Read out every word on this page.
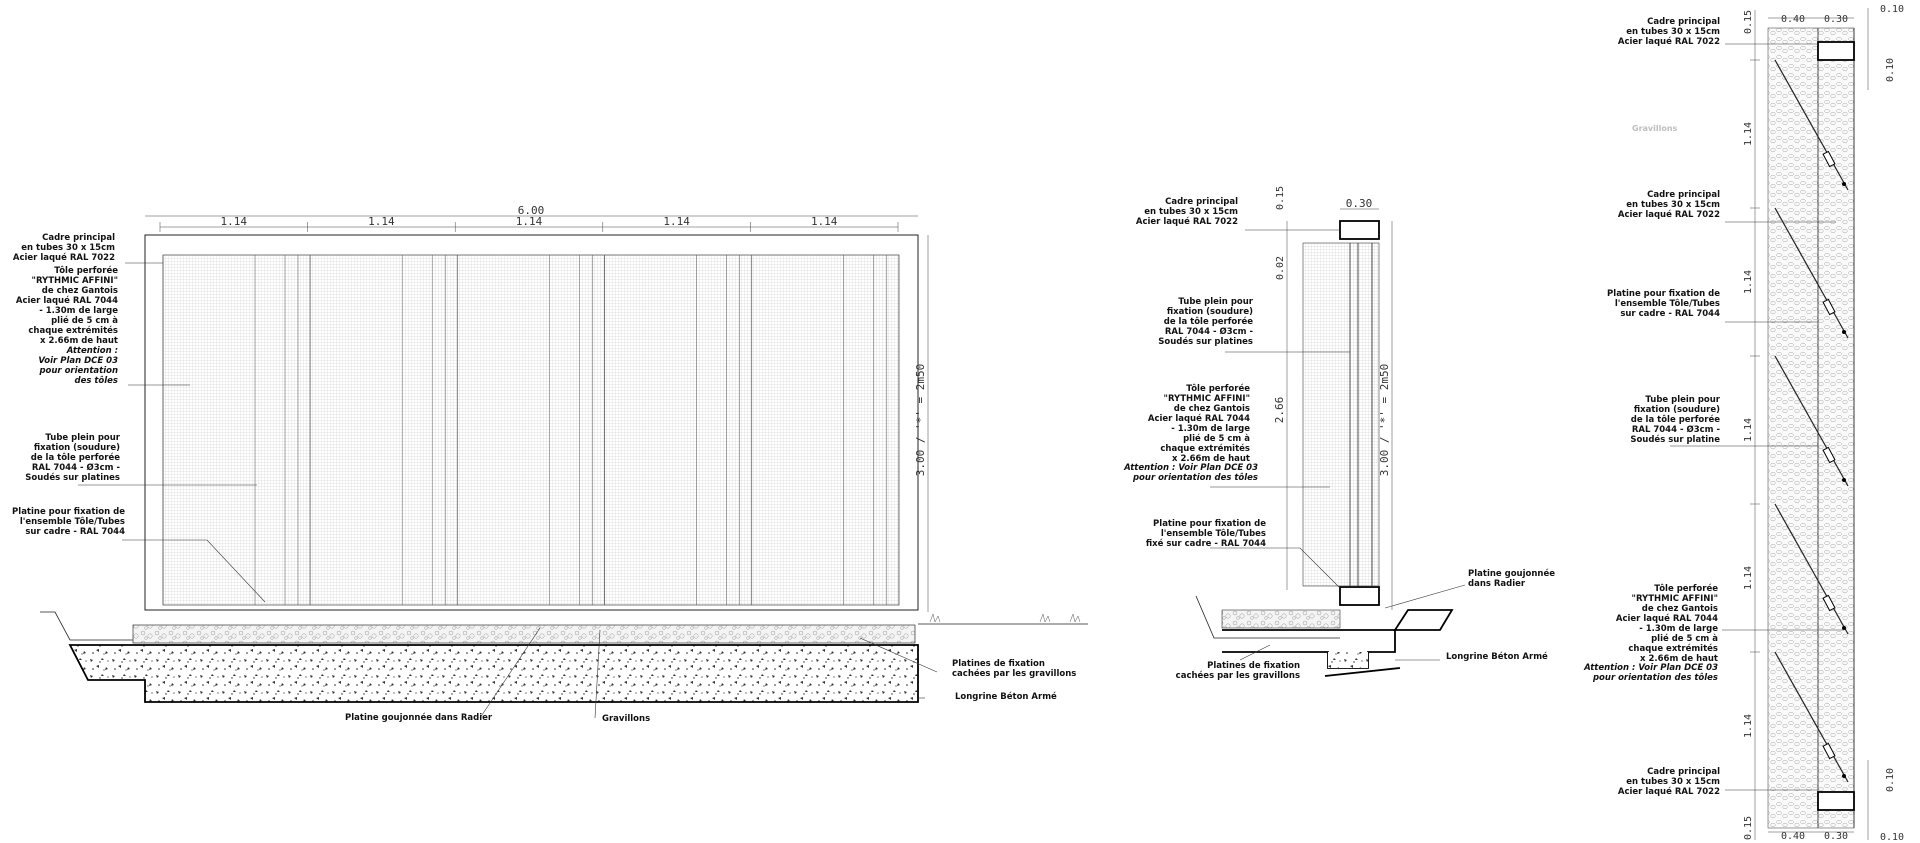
6.00
1.14	1.14	1.14	1.14	1.14
3.00 / '*' = 2m50
Cadre principal
en tubes 30 x 15cm
Acier laqué RAL 7022
Tôle perforée
"RYTHMIC AFFINI"
de chez Gantois
Acier laqué RAL 7044
- 1.30m de large
plié de 5 cm à
chaque extrémités
x 2.66m de haut
Attention :
Voir Plan DCE 03
pour orientation
des tôles
Tube plein pour
fixation (soudure)
de la tôle perforée
RAL 7044 - Ø3cm -
Soudés sur platines
Platine pour fixation de
l'ensemble Tôle/Tubes
sur cadre - RAL 7044
Platines de fixation
cachées par les gravillons
Longrine Béton Armé
Platine goujonnée dans Radier	Gravillons
0.30
0.15
0.02
2.66	3.00 / '*' = 2m50
Cadre principal
en tubes 30 x 15cm
Acier laqué RAL 7022
Tube plein pour
fixation (soudure)
de la tôle perforée
RAL 7044 - Ø3cm -
Soudés sur platines
Tôle perforée
"RYTHMIC AFFINI"
de chez Gantois
Acier laqué RAL 7044
- 1.30m de large
plié de 5 cm à
chaque extrémités
x 2.66m de haut
Attention : Voir Plan DCE 03
pour orientation des tôles
Platine pour fixation de
l'ensemble Tôle/Tubes
fixé sur cadre - RAL 7044
Platine goujonnée
dans Radier
Platines de fixation
cachées par les gravillons
Longrine Béton Armé
0.40 0.30
0.10
0.40 0.30	0.10
0.10
0.10
0.15
1.14
1.14
1.14
1.14
1.14
0.15
Gravillons
Cadre principal
en tubes 30 x 15cm
Acier laqué RAL 7022
Cadre principal
en tubes 30 x 15cm
Acier laqué RAL 7022
Platine pour fixation de
l'ensemble Tôle/Tubes
sur cadre - RAL 7044
Tube plein pour
fixation (soudure)
de la tôle perforée
RAL 7044 - Ø3cm -
Soudés sur platine
Tôle perforée
"RYTHMIC AFFINI"
de chez Gantois
Acier laqué RAL 7044
- 1.30m de large
plié de 5 cm à
chaque extrémités
x 2.66m de haut
Attention : Voir Plan DCE 03
pour orientation des tôles
Cadre principal
en tubes 30 x 15cm
Acier laqué RAL 7022
